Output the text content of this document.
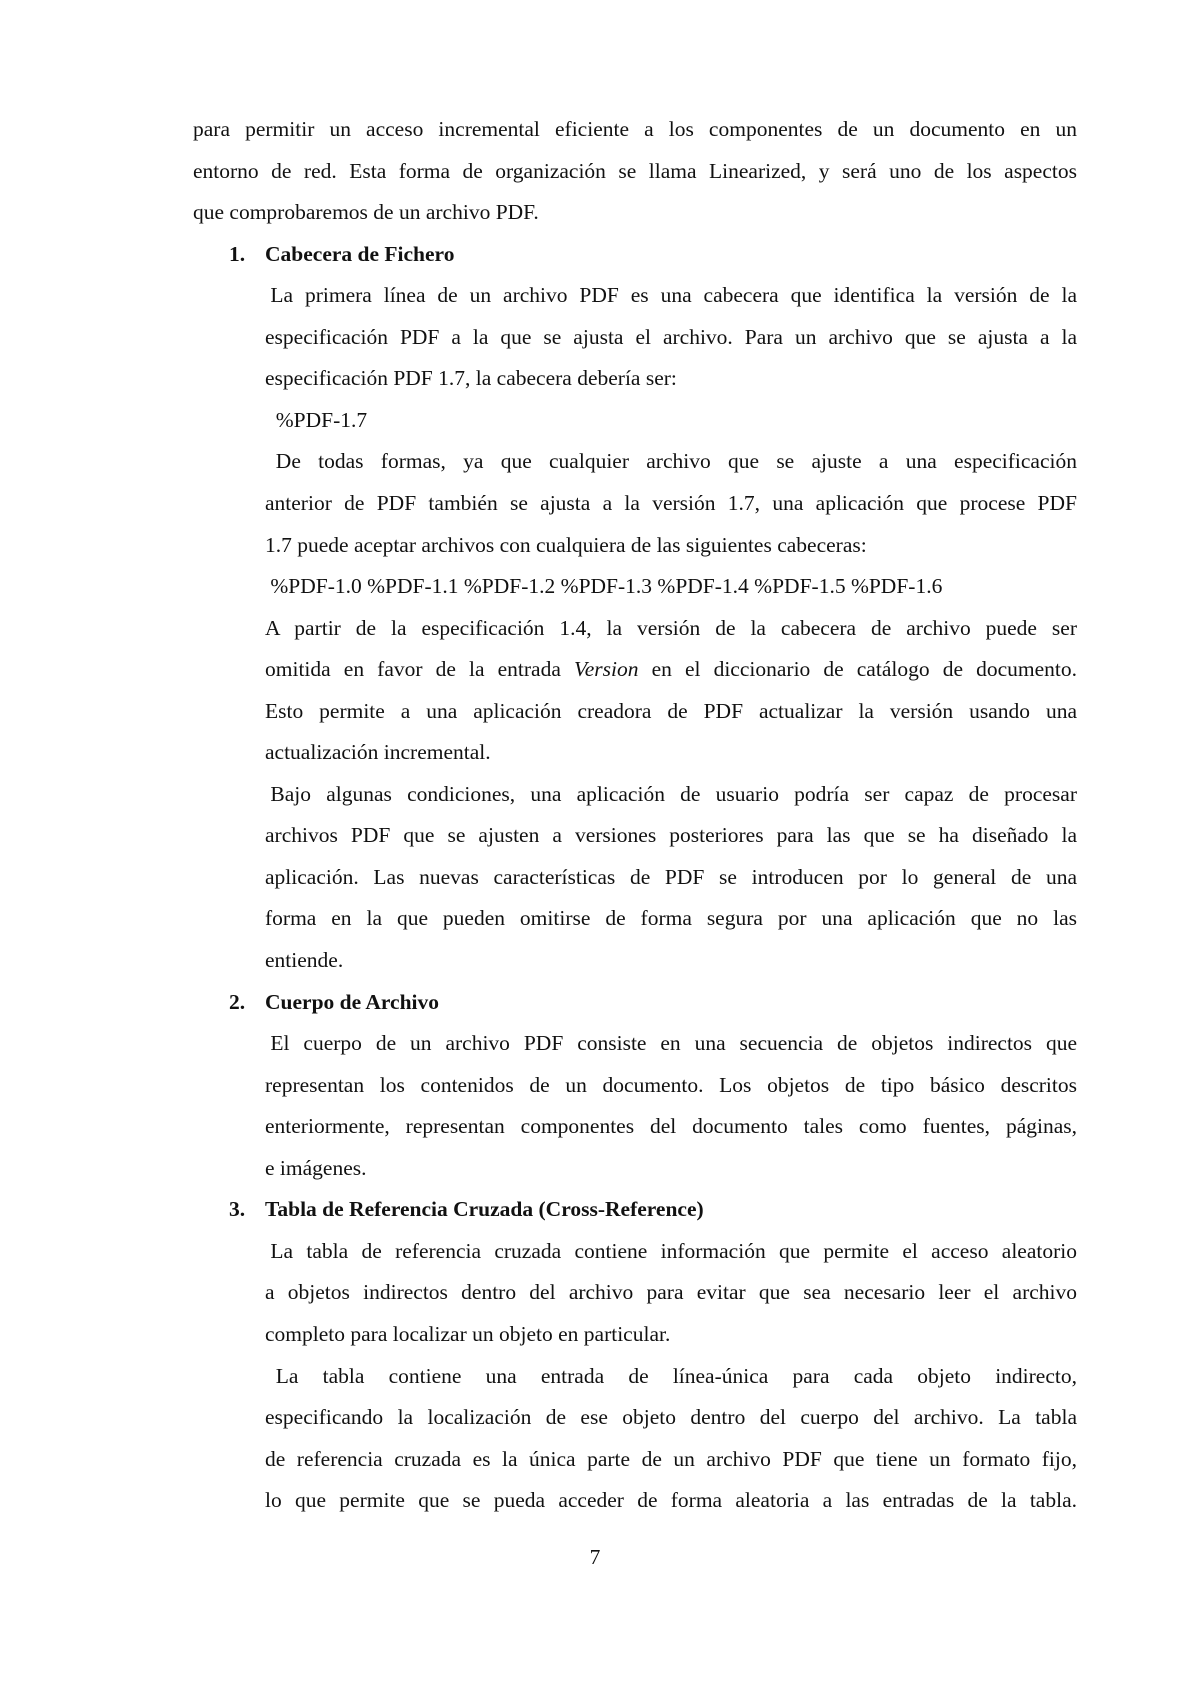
para permitir un acceso incremental eficiente a los componentes de un documento en un
entorno de red. Esta forma de organización se llama Linearized, y será uno de los aspectos
que comprobaremos de un archivo PDF.
1. Cabecera de Fichero
La primera línea de un archivo PDF es una cabecera que identifica la versión de la
especificación PDF a la que se ajusta el archivo. Para un archivo que se ajusta a la
especificación PDF 1.7, la cabecera debería ser:
%PDF-1.7
De todas formas, ya que cualquier archivo que se ajuste a una especificación
anterior de PDF también se ajusta a la versión 1.7, una aplicación que procese PDF
1.7 puede aceptar archivos con cualquiera de las siguientes cabeceras:
%PDF-1.0 %PDF-1.1 %PDF-1.2 %PDF-1.3 %PDF-1.4 %PDF-1.5 %PDF-1.6
A partir de la especificación 1.4, la versión de la cabecera de archivo puede ser
omitida en favor de la entrada Version en el diccionario de catálogo de documento.
Esto permite a una aplicación creadora de PDF actualizar la versión usando una
actualización incremental.
Bajo algunas condiciones, una aplicación de usuario podría ser capaz de procesar
archivos PDF que se ajusten a versiones posteriores para las que se ha diseñado la
aplicación. Las nuevas características de PDF se introducen por lo general de una
forma en la que pueden omitirse de forma segura por una aplicación que no las
entiende.
2. Cuerpo de Archivo
El cuerpo de un archivo PDF consiste en una secuencia de objetos indirectos que
representan los contenidos de un documento. Los objetos de tipo básico descritos
enteriormente, representan componentes del documento tales como fuentes, páginas,
e imágenes.
3. Tabla de Referencia Cruzada (Cross-Reference)
La tabla de referencia cruzada contiene información que permite el acceso aleatorio
a objetos indirectos dentro del archivo para evitar que sea necesario leer el archivo
completo para localizar un objeto en particular.
La tabla contiene una entrada de línea-única para cada objeto indirecto,
especificando la localización de ese objeto dentro del cuerpo del archivo. La tabla
de referencia cruzada es la única parte de un archivo PDF que tiene un formato fijo,
lo que permite que se pueda acceder de forma aleatoria a las entradas de la tabla.
7
